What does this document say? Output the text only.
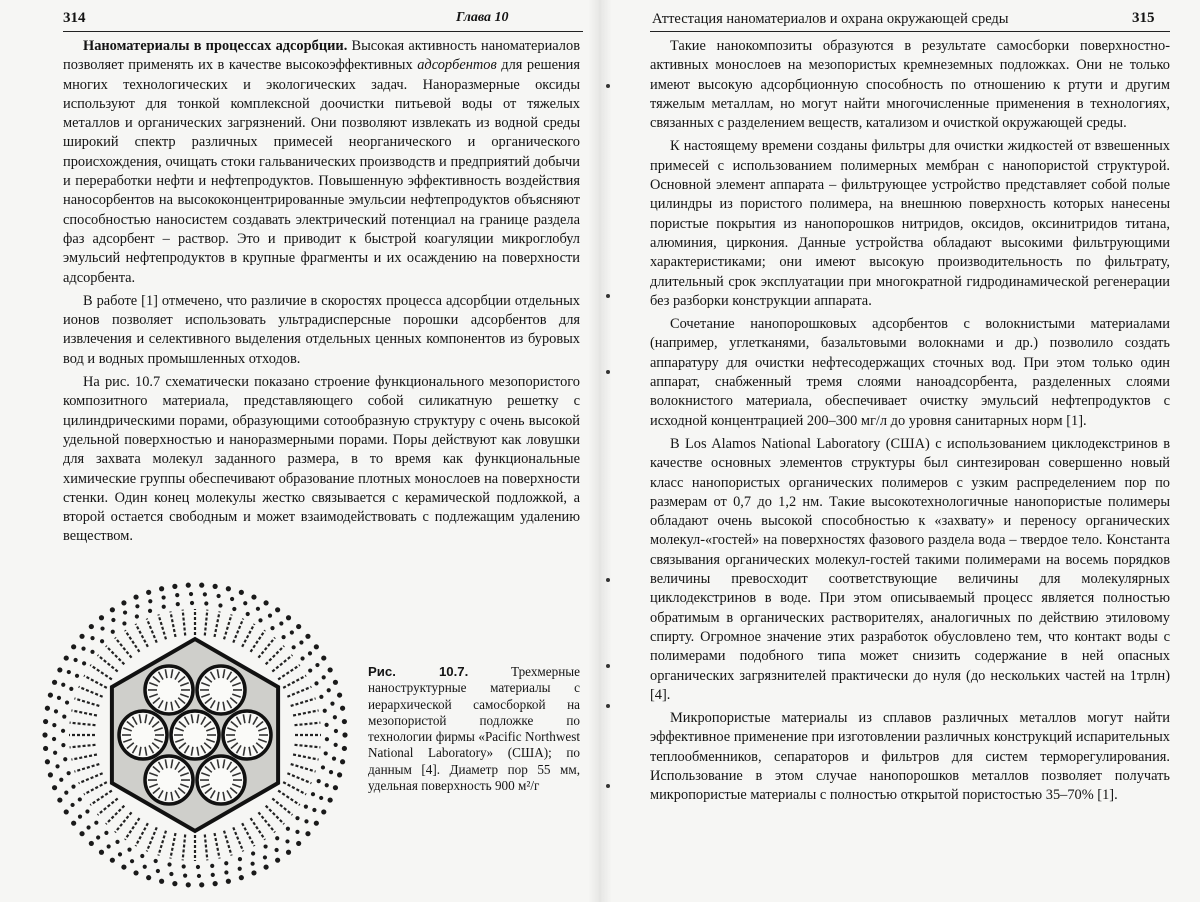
314	Глава 10

Наноматериалы в процессах адсорбции. Высокая активность наноматериалов позволяет применять их в качестве высокоэффективных адсорбентов для решения многих технологических и экологических задач. Наноразмерные оксиды используют для тонкой комплексной доочистки питьевой воды от тяжелых металлов и органических загрязнений. Они позволяют извлекать из водной среды широкий спектр различных примесей неорганического и органического происхождения, очищать стоки гальванических производств и предприятий добычи и переработки нефти и нефтепродуктов. Повышенную эффективность воздействия наносорбентов на высококонцентрированные эмульсии нефтепродуктов объясняют способностью наносистем создавать электрический потенциал на границе раздела фаз адсорбент – раствор. Это и приводит к быстрой коагуляции микроглобул эмульсий нефтепродуктов в крупные фрагменты и их осаждению на поверхности адсорбента.

В работе [1] отмечено, что различие в скоростях процесса адсорбции отдельных ионов позволяет использовать ультрадисперсные порошки адсорбентов для извлечения и селективного выделения отдельных ценных компонентов из буровых вод и водных промышленных отходов.

На рис. 10.7 схематически показано строение функционального мезопористого композитного материала, представляющего собой силикатную решетку с цилиндрическими порами, образующими сотообразную структуру с очень высокой удельной поверхностью и наноразмерными порами. Поры действуют как ловушки для захвата молекул заданного размера, в то время как функциональные химические группы обеспечивают образование плотных монослоев на поверхности стенки. Один конец молекулы жестко связывается с керамической подложкой, а второй остается свободным и может взаимодействовать с подлежащим удалению веществом.

Рис. 10.7. Трехмерные наноструктурные материалы с иерархической самосборкой на мезопористой подложке по технологии фирмы «Pacific Northwest National Laboratory» (США); по данным [4]. Диаметр пор 55 мм, удельная поверхность 900 м²/г
Аттестация наноматериалов и охрана окружающей среды	315

Такие нанокомпозиты образуются в результате самосборки поверхностно-активных монослоев на мезопористых кремнеземных подложках. Они не только имеют высокую адсорбционную способность по отношению к ртути и другим тяжелым металлам, но могут найти многочисленные применения в технологиях, связанных с разделением веществ, катализом и очисткой окружающей среды.

К настоящему времени созданы фильтры для очистки жидкостей от взвешенных примесей с использованием полимерных мембран с нанопористой структурой. Основной элемент аппарата – фильтрующее устройство представляет собой полые цилиндры из пористого полимера, на внешнюю поверхность которых нанесены пористые покрытия из нанопорошков нитридов, оксидов, оксинитридов титана, алюминия, циркония. Данные устройства обладают высокими фильтрующими характеристиками; они имеют высокую производительность по фильтрату, длительный срок эксплуатации при многократной гидродинамической регенерации без разборки конструкции аппарата.

Сочетание нанопорошковых адсорбентов с волокнистыми материалами (например, углетканями, базальтовыми волокнами и др.) позволило создать аппаратуру для очистки нефтесодержащих сточных вод. При этом только один аппарат, снабженный тремя слоями наноадсорбента, разделенных слоями волокнистого материала, обеспечивает очистку эмульсий нефтепродуктов с исходной концентрацией 200–300 мг/л до уровня санитарных норм [1].

В Los Alamos National Laboratory (США) с использованием циклодекстринов в качестве основных элементов структуры был синтезирован совершенно новый класс нанопористых органических полимеров с узким распределением пор по размерам от 0,7 до 1,2 нм. Такие высокотехнологичные нанопористые полимеры обладают очень высокой способностью к «захвату» и переносу органических молекул-«гостей» на поверхностях фазового раздела вода – твердое тело. Константа связывания органических молекул-гостей такими полимерами на восемь порядков величины превосходит соответствующие величины для молекулярных циклодекстринов в воде. При этом описываемый процесс является полностью обратимым в органических растворителях, аналогичных по действию этиловому спирту. Огромное значение этих разработок обусловлено тем, что контакт воды с полимерами подобного типа может снизить содержание в ней опасных органических загрязнителей практически до нуля (до нескольких частей на 1трлн) [4].

Микропористые материалы из сплавов различных металлов могут найти эффективное применение при изготовлении различных конструкций испарительных теплообменников, сепараторов и фильтров для систем терморегулирования. Использование в этом случае нанопорошков металлов позволяет получать микропористые материалы с полностью открытой пористостью 35–70% [1].
